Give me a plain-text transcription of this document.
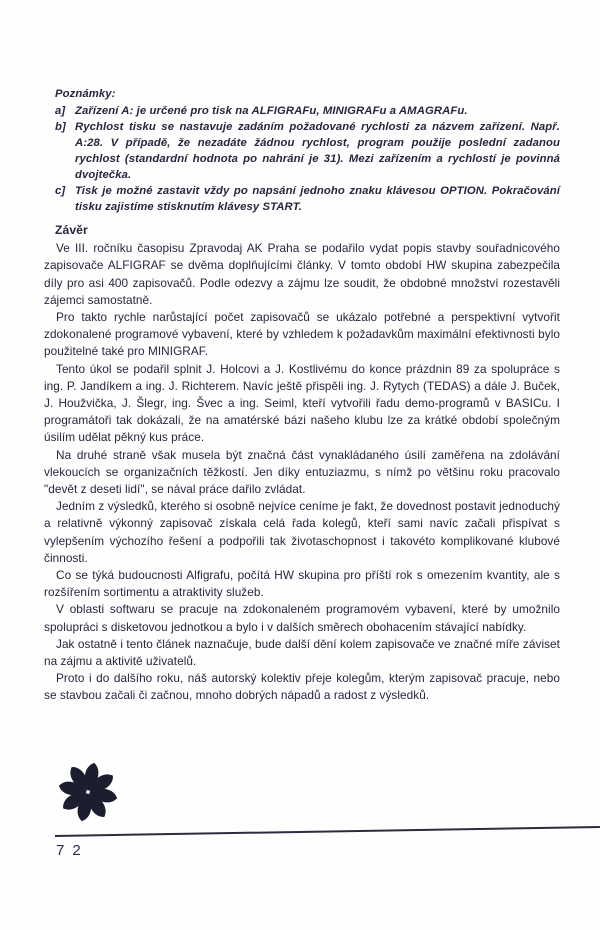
Poznámky:
a] Zařízení A: je určené pro tisk na ALFIGRAFu, MINIGRAFu a AMAGRAFu.
b] Rychlost tisku se nastavuje zadáním požadované rychlosti za názvem zařízení. Např. A:28. V případě, že nezadáte žádnou rychlost, program použije poslední zadanou rychlost (standardní hodnota po nahrání je 31). Mezi zařízením a rychlostí je povinná dvojtečka.
c] Tisk je možné zastavit vždy po napsání jednoho znaku klávesou OPTION. Pokračování tisku zajistíme stisknutím klávesy START.
Závěr

Ve III. ročníku časopisu Zpravodaj AK Praha se podařilo vydat popis stavby souřadnicového zapisovače ALFIGRAF se dvěma doplňujícími články. V tomto období HW skupina zabezpečila díly pro asi 400 zapisovačů. Podle odezvy a zájmu lze soudit, že obdobné množství rozestavěli zájemci samostatně.

Pro takto rychle narůstající počet zapisovačů se ukázalo potřebné a perspektivní vytvořit zdokonalené programové vybavení, které by vzhledem k požadavkům maximální efektivnosti bylo použitelné také pro MINIGRAF.

Tento úkol se podařil splnit J. Holcovi a J. Kostlivému do konce prázdnin 89 za spolupráce s ing. P. Jandíkem a ing. J. Richterem. Navíc ještě přispěli ing. J. Rytych (TEDAS) a dále J. Buček, J. Houžvička, J. Šlegr, ing. Švec a ing. Seiml, kteří vytvořili řadu demo-programů v BASICu. I programátoři tak dokázali, že na amatérské bázi našeho klubu lze za krátké období společným úsilím udělat pěkný kus práce.

Na druhé straně však musela být značná část vynakládaného úsilí zaměřena na zdolávání vlekoucích se organizačních těžkostí. Jen díky entuziazmu, s nímž po většinu roku pracovalo "devět z deseti lidí", se nával práce dařilo zvládat.

Jedním z výsledků, kterého si osobně nejvíce ceníme je fakt, že dovednost postavit jednoduchý a relativně výkonný zapisovač získala celá řada kolegů, kteří sami navíc začali přispívat s vylepšením výchozího řešení a podpořili tak životaschopnost i takovéto komplikované klubové činnosti.

Co se týká budoucnosti Alfigrafu, počítá HW skupina pro příští rok s omezením kvantity, ale s rozšířením sortimentu a atraktivity služeb.

V oblasti softwaru se pracuje na zdokonaleném programovém vybavení, které by umožnilo spolupráci s disketovou jednotkou a bylo i v dalších směrech obohacením stávající nabídky.

Jak ostatně i tento článek naznačuje, bude další dění kolem zapisovače ve značné míře záviset na zájmu a aktivitě uživatelů.

Proto i do dalšího roku, náš autorský kolektiv přeje kolegům, kterým zapisovač pracuje, nebo se stavbou začali či začnou, mnoho dobrých nápadů a radost z výsledků.

72
